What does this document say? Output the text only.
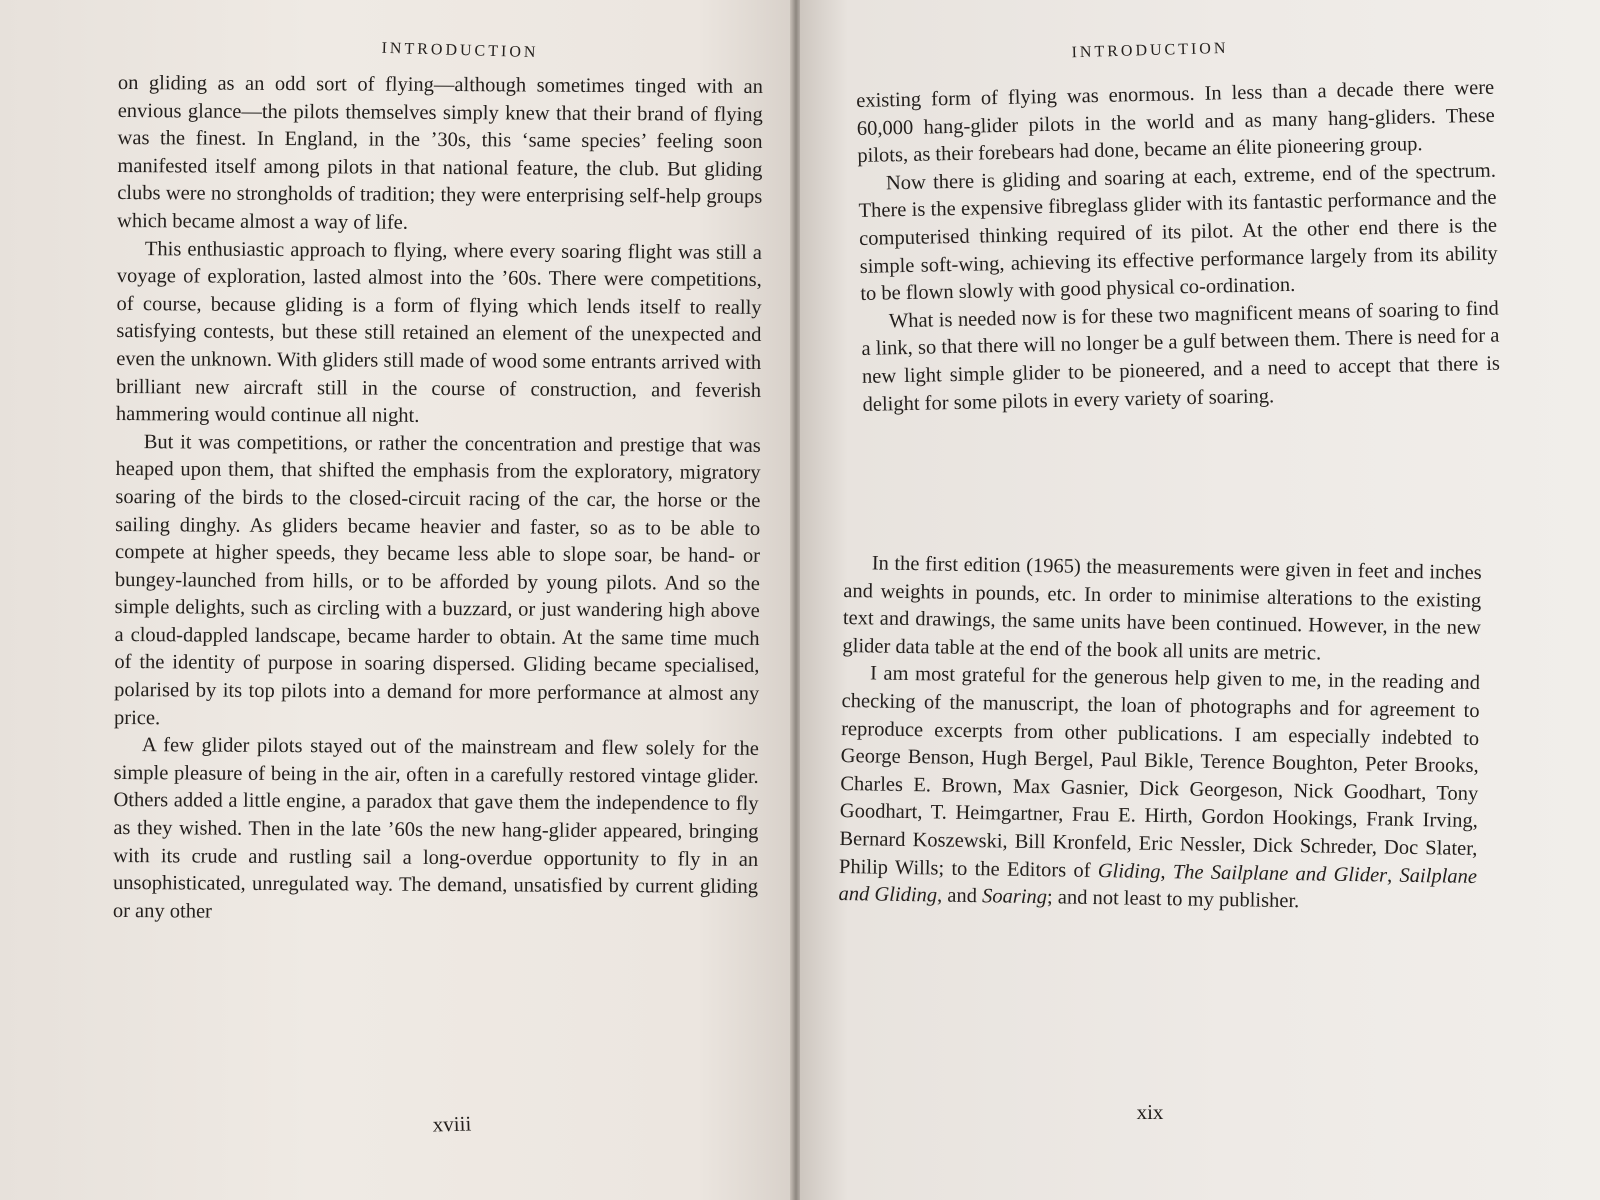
INTRODUCTION

on gliding as an odd sort of flying—although sometimes tinged with an envious glance—the pilots themselves simply knew that their brand of flying was the finest. In England, in the ’30s, this ‘same species’ feeling soon manifested itself among pilots in that national feature, the club. But gliding clubs were no strongholds of tradition; they were enterprising self-help groups which became almost a way of life.

This enthusiastic approach to flying, where every soaring flight was still a voyage of exploration, lasted almost into the ’60s. There were competitions, of course, because gliding is a form of flying which lends itself to really satisfying contests, but these still retained an element of the unexpected and even the unknown. With gliders still made of wood some entrants arrived with brilliant new aircraft still in the course of construction, and feverish hammering would continue all night.

But it was competitions, or rather the concentration and prestige that was heaped upon them, that shifted the emphasis from the exploratory, migratory soaring of the birds to the closed-circuit racing of the car, the horse or the sailing dinghy. As gliders became heavier and faster, so as to be able to compete at higher speeds, they became less able to slope soar, be hand- or bungey-launched from hills, or to be afforded by young pilots. And so the simple delights, such as circling with a buzzard, or just wandering high above a cloud-dappled landscape, became harder to obtain. At the same time much of the identity of purpose in soaring dispersed. Gliding became specialised, polarised by its top pilots into a demand for more performance at almost any price.

A few glider pilots stayed out of the mainstream and flew solely for the simple pleasure of being in the air, often in a carefully restored vintage glider. Others added a little engine, a paradox that gave them the independence to fly as they wished. Then in the late ’60s the new hang-glider appeared, bringing with its crude and rustling sail a long-overdue opportunity to fly in an unsophisticated, unregulated way. The demand, unsatisfied by current gliding or any other

xviii
INTRODUCTION

existing form of flying was enormous. In less than a decade there were 60,000 hang-glider pilots in the world and as many hang-gliders. These pilots, as their forebears had done, became an élite pioneering group.

Now there is gliding and soaring at each, extreme, end of the spectrum. There is the expensive fibreglass glider with its fantastic performance and the computerised thinking required of its pilot. At the other end there is the simple soft-wing, achieving its effective performance largely from its ability to be flown slowly with good physical co-ordination.

What is needed now is for these two magnificent means of soaring to find a link, so that there will no longer be a gulf between them. There is need for a new light simple glider to be pioneered, and a need to accept that there is delight for some pilots in every variety of soaring.

In the first edition (1965) the measurements were given in feet and inches and weights in pounds, etc. In order to minimise alterations to the existing text and drawings, the same units have been continued. However, in the new glider data table at the end of the book all units are metric.

I am most grateful for the generous help given to me, in the reading and checking of the manuscript, the loan of photographs and for agreement to reproduce excerpts from other publications. I am especially indebted to George Benson, Hugh Bergel, Paul Bikle, Terence Boughton, Peter Brooks, Charles E. Brown, Max Gasnier, Dick Georgeson, Nick Goodhart, Tony Goodhart, T. Heimgartner, Frau E. Hirth, Gordon Hookings, Frank Irving, Bernard Koszewski, Bill Kronfeld, Eric Nessler, Dick Schreder, Doc Slater, Philip Wills; to the Editors of Gliding, The Sailplane and Glider, Sailplane and Gliding, and Soaring; and not least to my publisher.

xix
